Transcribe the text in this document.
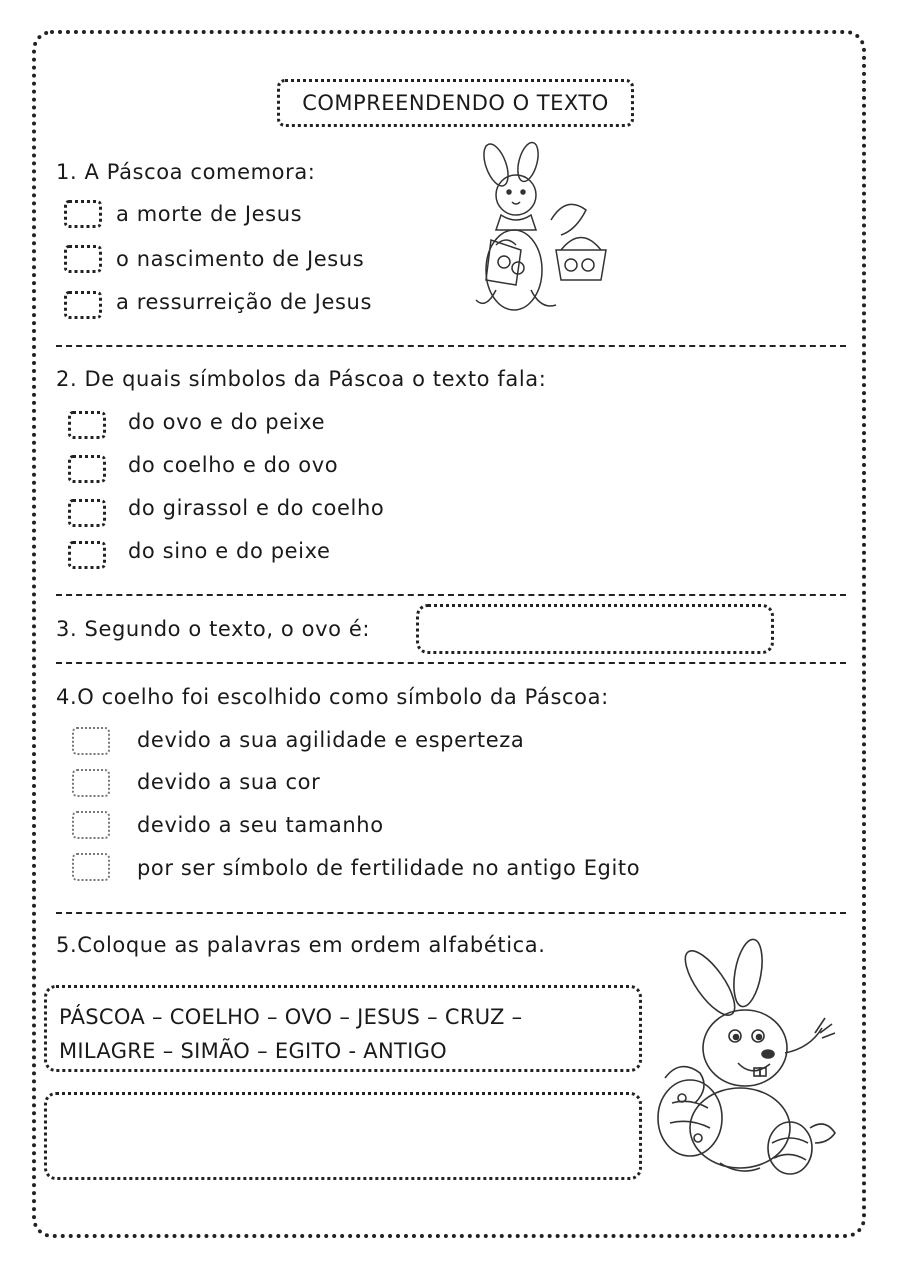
COMPREENDENDO O TEXTO
1. A Páscoa comemora:
a morte de Jesus
o nascimento de Jesus
a ressurreição de Jesus
2. De quais símbolos da Páscoa o texto fala:
do ovo e do peixe
do coelho e do ovo
do girassol e do coelho
do sino e do peixe
3. Segundo o texto, o ovo é:
4.O coelho foi escolhido como símbolo da Páscoa:
devido a sua agilidade e esperteza
devido a sua cor
devido a seu tamanho
por ser símbolo de fertilidade no antigo Egito
5.Coloque as palavras em ordem alfabética.
PÁSCOA – COELHO – OVO – JESUS – CRUZ –
MILAGRE – SIMÃO – EGITO - ANTIGO
